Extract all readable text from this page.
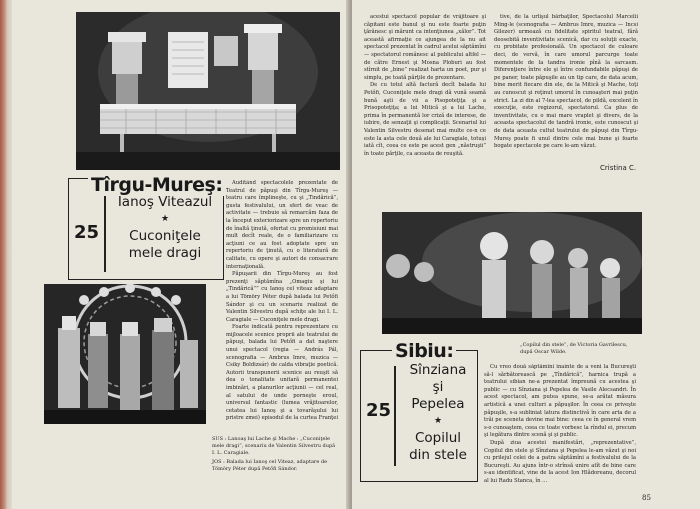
Tîrgu-Mureş:
25
Ianoş Viteazul
★
Cuconiţele
mele dragi

Auditând spectacolele prezentate de Teatrul de păpuşi din Tîrgu-Mureş — teatru care împlineşte, cu şi „Tindărică”, gusta festivalului, un sfert de veac de activitate — trebuie să remarcăm faza de la început exteriorizare spre un repertoriu de înaltă ţinută, ofertat cu promisiuni mai mult decît reale, de o familiarizare cu acţiuni ce au fost adoptate spre un repertoriu de ţinută, cu o literatură de calitate, cu opere şi autori de consacrare internaţională.

Păpuşarii din Tîrgu-Mureş au fost prezenţi săptămîna „Omagiu şi lui „Tindărică”” cu Ianoş cel viteaz adaptare a lui Tömöry Péter după balada lui Petőfi Sándor şi cu un scenariu realizat de Valentin Silvestru după schiţe ale lui I. L. Caragiale — Cuconiţele mele dragi.

Foarte indicată pentru reprezentare cu mijloacele scenice proprii ale teatrului de păpuşi, balada lui Petőfi a dat naştere unui spectacol (regia — András Pál, scenografia — Ambrus Imre, muzica — Csiky Boldizsár) de calda vibraţie poetică. Autorii transpunerii scenice au reuşit să dea o tonalitate unitară permanentei imbinări, a planurilor acţiunii — cel real, al satului de unde porneşte eroul, universul fantastic (lumea vrăjitoarelor, cetatea lui Ianoş şi a tovarăşului lui pristre zmei) episodul de la curtea Franţei

SUS : Lanoaş lui Lache şi Mache : „Cuconiţele mele dragi”, scenariu de Valentin Silvestru după I. L. Caragiale.
JOS : Balada lui Ianoş cel Viteaz, adaptare de Tömöry Péter după Petőfi Sándor.

acestui spectacol popular de vrăjitoare şi căpitani este banul şi nu este foarte puţin ţărănesc şi mărunt ca intenţiunea „xălor”. Tot această afirmaţie ce ajungea de la nu ait spectacol prezentat în cadrul acelui săptămîni — spectatorul românesc al publicului altfel — de către Ernest şi Mosna Ploburi au fost stîrnit de „bine” realizat harta un poet, pur şi simplu, pe toată părţile de prezentare.

De cu totul altă factură decît balada lui Petőfi, Cuconiţele mele dragi dă vună seamă bună aşti de vii a Pisopoteţiţa şi a Prisopoteţiţa; a lui Mitică şi a lui Lache, prima în permanentă lor criză de interese, de iubire, de senzaţii şi complicaţii. Scenariul lui Valentin Silvestru desenat mai multe ce-n ce este la asta cele două ale lui Caragiale, totuşi iată cît, ceea ce este pe acest gen „năstruşii” în toate părţile, ca aceasta de reuşită.

tive, de la urlişul bărbaţilor, Spectacolul Marcelii Ming-le (scenografia — Ambrus Imre, muzica — Incsi Gilezer) urmează cu fidelitate spiritul teatral, fără deosebită inventivitate scenică, dar cu soluţii exacte, cu probitate profesională. Un spectacol de culoare deci, de vervă, în care umorul parcurge toate momentele de la tandra ironie pînă la sarcasm. Diferenţiere între ele şi între confundabile păpuşi de pe paner, toate păpuşile au un tip care, de data acum, bine merit fiecare din ele, de la Mitică şi Mache, toţi au cunoscut şi reţinut umorul în cunoaşteri mai puţin strict. La zi din al 7-lea spectacol, de pildă, excelent în execuţie, este regizorul, spectatorul. Ca plus de inventivitate, cu o mai mare vraplet şi divers, de la aceasta spectacolul de tandră ironie, este cunoscut şi de data aceasta cultul teatrului de păpuşi din Tîrgu-Mureş poate fi unul dintre cele mai bune şi foarte bogate spectacole pe care le-am văzut.

Cristina C.
„Copilul din stele”, de Victoria Gavrilescu, după Oscar Wilde.
Sibiu:
25
Sînziana
şi
Pepelea
★
Copilul
din stele

Cu vreo două săptămîni înainte de a veni la Bucureşti să-l sărbătorească pe „Tîndărică”, harnica trupă a teatrului sibian ne-a prezentat împreună cu acestea şi public — cu Sînziana şi Pepelea de Vasile Alecsandri. În acest spectacol, am putea spune, se-a arătat măsura artistică a unei culturi a păpuşilor. În ceea ce priveşte păpuşile, s-a subliniat latura distinctivă în care arta de a trăi pe sceneta devine mai bine: ceea ce în general vrem s-o cunoaştem, ceea ce toate vorbesc la rîndul ei, precum şi legătura dintre scenă şi şi public.

După ziua acestei manifestări, „reprezentative”, Copilul din stele şi Sînziana şi Pepelea le-am văzut şi noi cu prilejul celei de a patra săptămîni a festivalului de la Bucureşti. Au ajuns într-o strînsă unire atît de bine care s-au identificat, vine de la acest Ion Hlădoreanu, decorul al lui Radu Stanca, în ...

85
